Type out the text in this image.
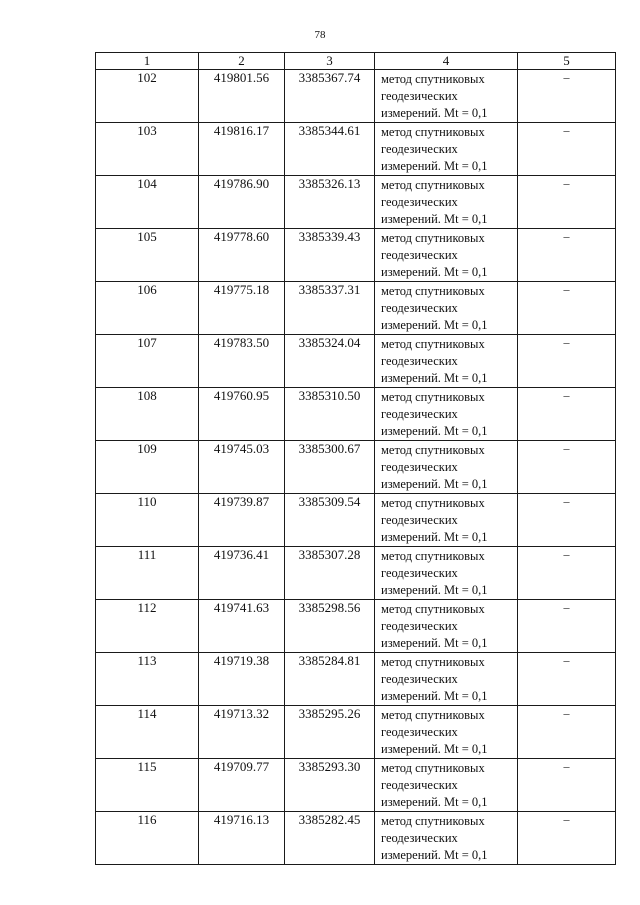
78
1	2	3	4	5
102	419801.56	3385367.74	метод спутниковых
геодезических
измерений. Mt = 0,1	–
103	419816.17	3385344.61	метод спутниковых
геодезических
измерений. Mt = 0,1	–
104	419786.90	3385326.13	метод спутниковых
геодезических
измерений. Mt = 0,1	–
105	419778.60	3385339.43	метод спутниковых
геодезических
измерений. Mt = 0,1	–
106	419775.18	3385337.31	метод спутниковых
геодезических
измерений. Mt = 0,1	–
107	419783.50	3385324.04	метод спутниковых
геодезических
измерений. Mt = 0,1	–
108	419760.95	3385310.50	метод спутниковых
геодезических
измерений. Mt = 0,1	–
109	419745.03	3385300.67	метод спутниковых
геодезических
измерений. Mt = 0,1	–
110	419739.87	3385309.54	метод спутниковых
геодезических
измерений. Mt = 0,1	–
111	419736.41	3385307.28	метод спутниковых
геодезических
измерений. Mt = 0,1	–
112	419741.63	3385298.56	метод спутниковых
геодезических
измерений. Mt = 0,1	–
113	419719.38	3385284.81	метод спутниковых
геодезических
измерений. Mt = 0,1	–
114	419713.32	3385295.26	метод спутниковых
геодезических
измерений. Mt = 0,1	–
115	419709.77	3385293.30	метод спутниковых
геодезических
измерений. Mt = 0,1	–
116	419716.13	3385282.45	метод спутниковых
геодезических
измерений. Mt = 0,1	–
